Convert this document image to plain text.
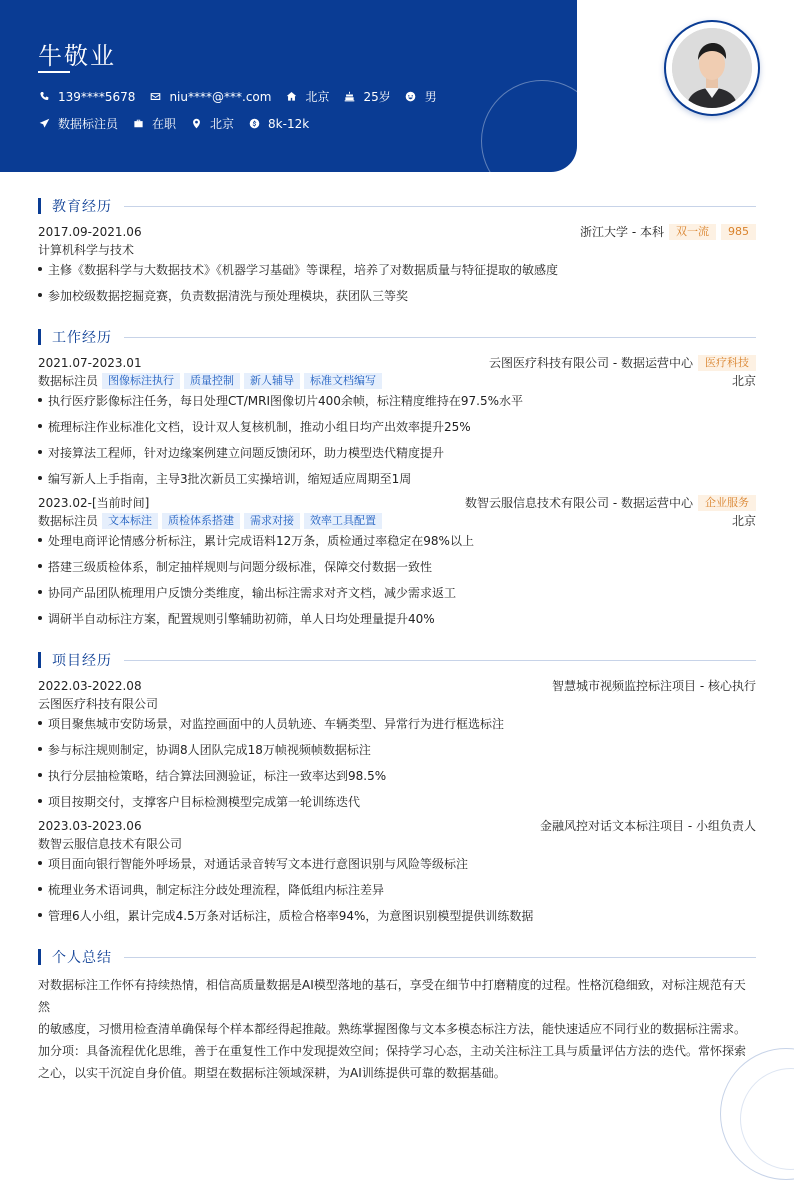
牛敬业
139****5678	niu****@***.com	北京	25岁	男
数据标注员	在职	北京	8k-12k
教育经历
2017.09-2021.06	浙江大学 - 本科	双一流	985
计算机科学与技术
主修《数据科学与大数据技术》《机器学习基础》等课程，培养了对数据质量与特征提取的敏感度
参加校级数据挖掘竞赛，负责数据清洗与预处理模块，获团队三等奖
工作经历
2021.07-2023.01	云图医疗科技有限公司 - 数据运营中心	医疗科技
数据标注员 图像标注执行	质量控制	新人辅导	标准文档编写	北京
执行医疗影像标注任务，每日处理CT/MRI图像切片400余帧，标注精度维持在97.5%水平
梳理标注作业标准化文档，设计双人复核机制，推动小组日均产出效率提升25%
对接算法工程师，针对边缘案例建立问题反馈闭环，助力模型迭代精度提升
编写新人上手指南，主导3批次新员工实操培训，缩短适应周期至1周
2023.02-[当前时间]	数智云服信息技术有限公司 - 数据运营中心	企业服务
数据标注员 文本标注	质检体系搭建	需求对接	效率工具配置	北京
处理电商评论情感分析标注，累计完成语料12万条，质检通过率稳定在98%以上
搭建三级质检体系，制定抽样规则与问题分级标准，保障交付数据一致性
协同产品团队梳理用户反馈分类维度，输出标注需求对齐文档，减少需求返工
调研半自动标注方案，配置规则引擎辅助初筛，单人日均处理量提升40%
项目经历
2022.03-2022.08	智慧城市视频监控标注项目 - 核心执行
云图医疗科技有限公司
项目聚焦城市安防场景，对监控画面中的人员轨迹、车辆类型、异常行为进行框选标注
参与标注规则制定，协调8人团队完成18万帧视频帧数据标注
执行分层抽检策略，结合算法回测验证，标注一致率达到98.5%
项目按期交付，支撑客户目标检测模型完成第一轮训练迭代
2023.03-2023.06	金融风控对话文本标注项目 - 小组负责人
数智云服信息技术有限公司
项目面向银行智能外呼场景，对通话录音转写文本进行意图识别与风险等级标注
梳理业务术语词典，制定标注分歧处理流程，降低组内标注差异
管理6人小组，累计完成4.5万条对话标注，质检合格率94%，为意图识别模型提供训练数据
个人总结
对数据标注工作怀有持续热情，相信高质量数据是AI模型落地的基石，享受在细节中打磨精度的过程。性格沉稳细致，对标注规范有天然
的敏感度，习惯用检查清单确保每个样本都经得起推敲。熟练掌握图像与文本多模态标注方法，能快速适应不同行业的数据标注需求。
加分项：具备流程优化思维，善于在重复性工作中发现提效空间；保持学习心态，主动关注标注工具与质量评估方法的迭代。常怀探索
之心，以实干沉淀自身价值。期望在数据标注领域深耕，为AI训练提供可靠的数据基础。
